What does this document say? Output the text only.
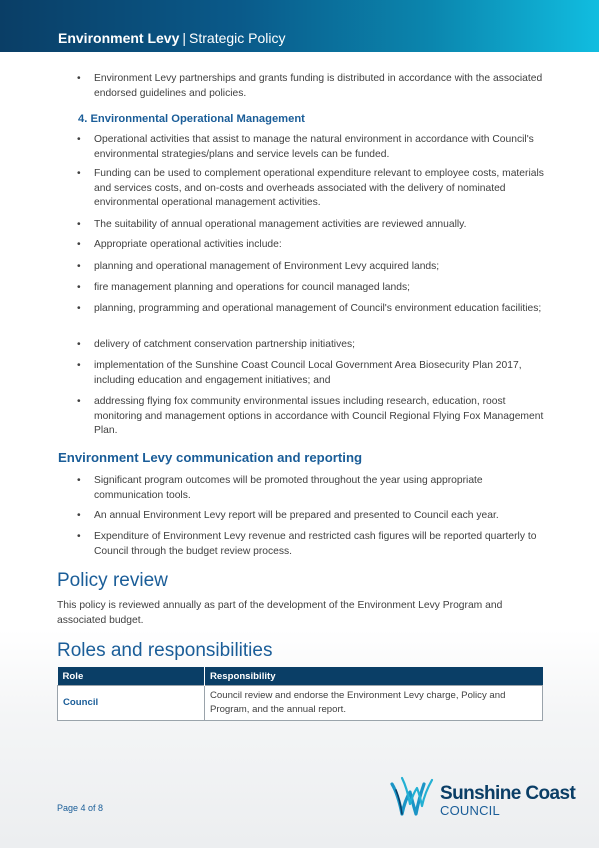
Environment Levy | Strategic Policy
• Environment Levy partnerships and grants funding is distributed in accordance with the associated endorsed guidelines and policies.
4. Environmental Operational Management
• Operational activities that assist to manage the natural environment in accordance with Council's environmental strategies/plans and service levels can be funded.
• Funding can be used to complement operational expenditure relevant to employee costs, materials and services costs, and on-costs and overheads associated with the delivery of nominated environmental operational management activities.
• The suitability of annual operational management activities are reviewed annually.
• Appropriate operational activities include:
• planning and operational management of Environment Levy acquired lands;
• fire management planning and operations for council managed lands;
• planning, programming and operational management of Council's environment education facilities;
• delivery of catchment conservation partnership initiatives;
• implementation of the Sunshine Coast Council Local Government Area Biosecurity Plan 2017, including education and engagement initiatives; and
• addressing flying fox community environmental issues including research, education, roost monitoring and management options in accordance with Council Regional Flying Fox Management Plan.
Environment Levy communication and reporting
• Significant program outcomes will be promoted throughout the year using appropriate communication tools.
• An annual Environment Levy report will be prepared and presented to Council each year.
• Expenditure of Environment Levy revenue and restricted cash figures will be reported quarterly to Council through the budget review process.
Policy review
This policy is reviewed annually as part of the development of the Environment Levy Program and associated budget.
Roles and responsibilities
Role	Responsibility
Council	Council review and endorse the Environment Levy charge, Policy and Program, and the annual report.
Page 4 of 8
Sunshine Coast
COUNCIL
